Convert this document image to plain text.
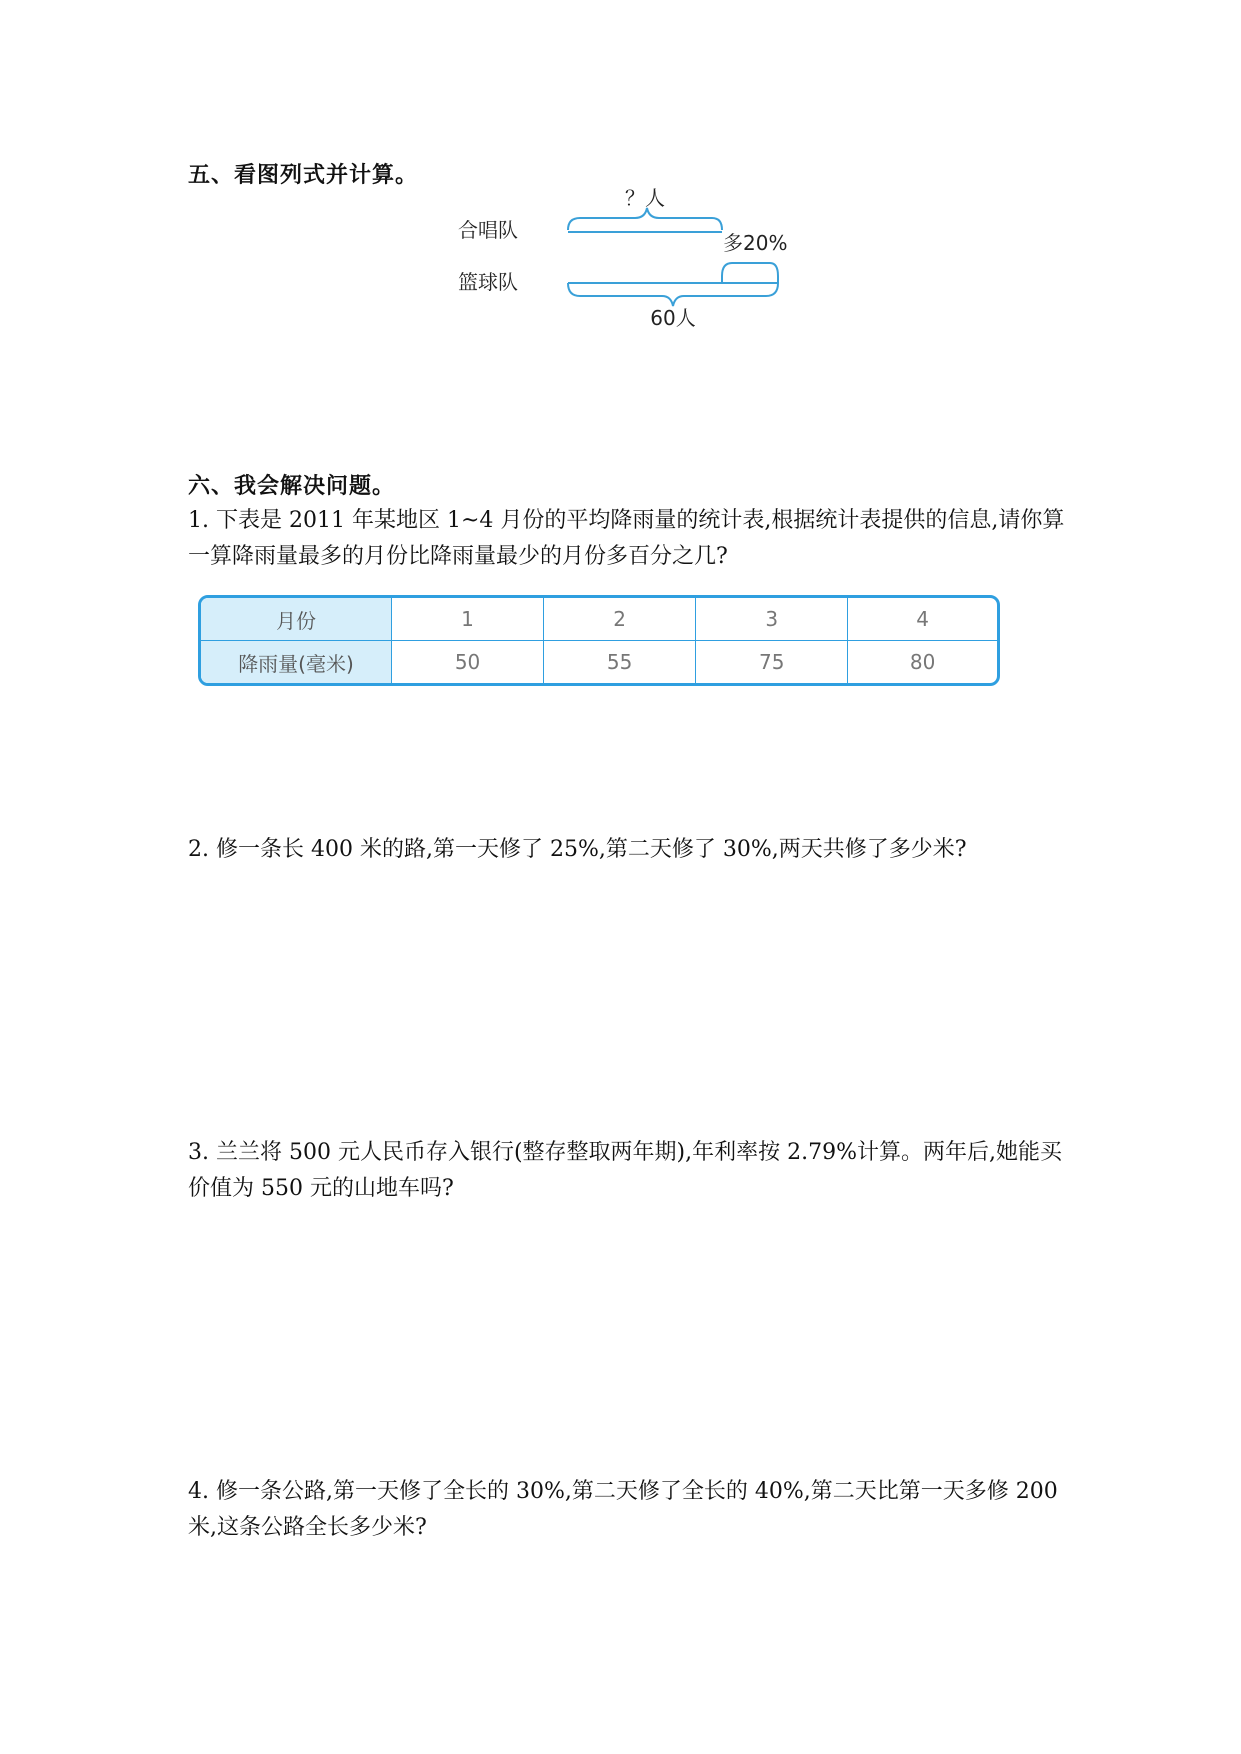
五、看图列式并计算。
？人
合唱队
多20%
篮球队
60人
六、我会解决问题。
1. 下表是 2011 年某地区 1~4 月份的平均降雨量的统计表,根据统计表提供的信息,请你算一算降雨量最多的月份比降雨量最少的月份多百分之几?
月份	1	2	3	4
降雨量(毫米)	50	55	75	80
2. 修一条长 400 米的路,第一天修了 25%,第二天修了 30%,两天共修了多少米?
3. 兰兰将 500 元人民币存入银行(整存整取两年期),年利率按 2.79%计算。两年后,她能买价值为 550 元的山地车吗?
4. 修一条公路,第一天修了全长的 30%,第二天修了全长的 40%,第二天比第一天多修 200 米,这条公路全长多少米?
